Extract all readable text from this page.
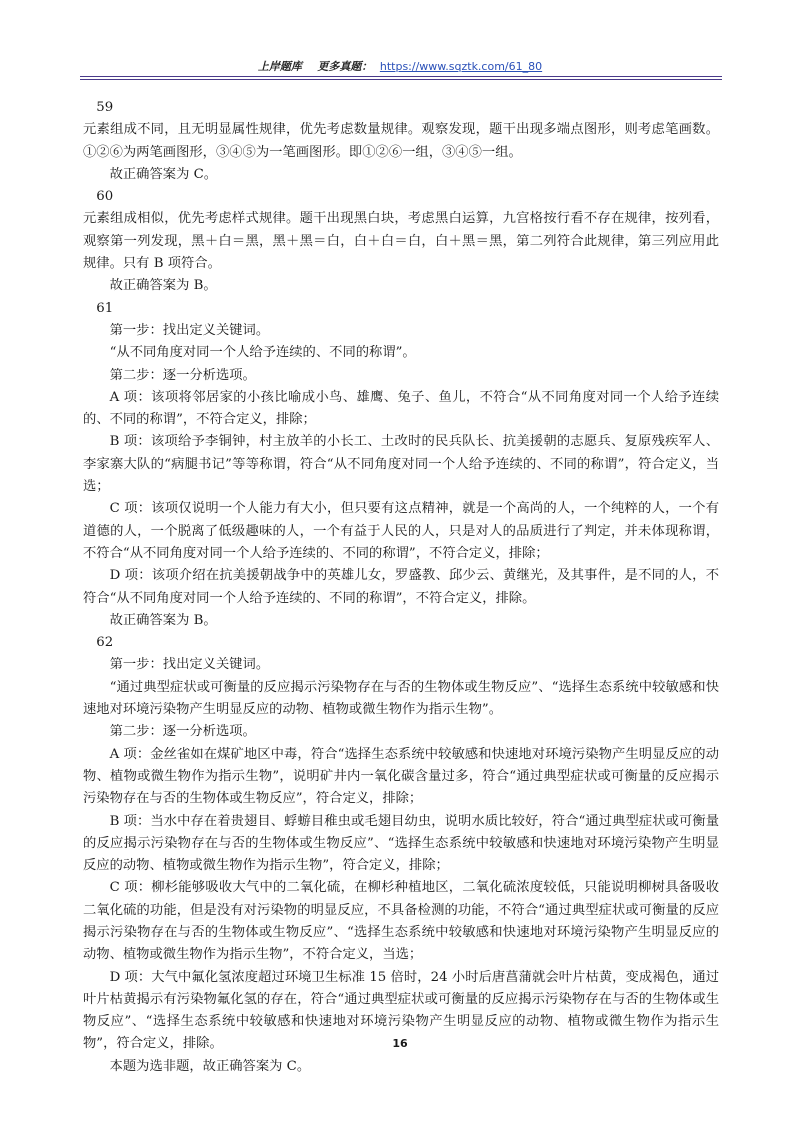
上岸题库 更多真题： https://www.sqztk.com/61_80

59

元素组成不同，且无明显属性规律，优先考虑数量规律。观察发现，题干出现多端点图形，则考虑笔画数。①②⑥为两笔画图形，③④⑤为一笔画图形。即①②⑥一组，③④⑤一组。

故正确答案为 C。

60

元素组成相似，优先考虑样式规律。题干出现黑白块，考虑黑白运算，九宫格按行看不存在规律，按列看，观察第一列发现，黑＋白＝黑，黑＋黑＝白，白＋白＝白，白＋黑＝黑，第二列符合此规律，第三列应用此规律。只有 B 项符合。

故正确答案为 B。

61

第一步：找出定义关键词。

“从不同角度对同一个人给予连续的、不同的称谓”。

第二步：逐一分析选项。

A 项：该项将邻居家的小孩比喻成小鸟、雄鹰、兔子、鱼儿，不符合“从不同角度对同一个人给予连续的、不同的称谓”，不符合定义，排除；

B 项：该项给予李铜钟，村主放羊的小长工、土改时的民兵队长、抗美援朝的志愿兵、复原残疾军人、李家寨大队的“病腿书记”等等称谓，符合“从不同角度对同一个人给予连续的、不同的称谓”，符合定义，当选；

C 项：该项仅说明一个人能力有大小，但只要有这点精神，就是一个高尚的人，一个纯粹的人，一个有道德的人，一个脱离了低级趣味的人，一个有益于人民的人，只是对人的品质进行了判定，并未体现称谓，不符合“从不同角度对同一个人给予连续的、不同的称谓”，不符合定义，排除；

D 项：该项介绍在抗美援朝战争中的英雄儿女，罗盛教、邱少云、黄继光，及其事件，是不同的人，不符合“从不同角度对同一个人给予连续的、不同的称谓”，不符合定义，排除。

故正确答案为 B。

62

第一步：找出定义关键词。

“通过典型症状或可衡量的反应揭示污染物存在与否的生物体或生物反应”、“选择生态系统中较敏感和快速地对环境污染物产生明显反应的动物、植物或微生物作为指示生物”。

第二步：逐一分析选项。

A 项：金丝雀如在煤矿地区中毒，符合“选择生态系统中较敏感和快速地对环境污染物产生明显反应的动物、植物或微生物作为指示生物”，说明矿井内一氧化碳含量过多，符合“通过典型症状或可衡量的反应揭示污染物存在与否的生物体或生物反应”，符合定义，排除；

B 项：当水中存在着贵翅目、蜉蝣目稚虫或毛翅目幼虫，说明水质比较好，符合“通过典型症状或可衡量的反应揭示污染物存在与否的生物体或生物反应”、“选择生态系统中较敏感和快速地对环境污染物产生明显反应的动物、植物或微生物作为指示生物”，符合定义，排除；

C 项：柳杉能够吸收大气中的二氧化硫，在柳杉种植地区，二氧化硫浓度较低，只能说明柳树具备吸收二氧化硫的功能，但是没有对污染物的明显反应，不具备检测的功能，不符合“通过典型症状或可衡量的反应揭示污染物存在与否的生物体或生物反应”、“选择生态系统中较敏感和快速地对环境污染物产生明显反应的动物、植物或微生物作为指示生物”，不符合定义，当选；

D 项：大气中氟化氢浓度超过环境卫生标准 15 倍时，24 小时后唐菖蒲就会叶片枯黄，变成褐色，通过叶片枯黄揭示有污染物氟化氢的存在，符合“通过典型症状或可衡量的反应揭示污染物存在与否的生物体或生物反应”、“选择生态系统中较敏感和快速地对环境污染物产生明显反应的动物、植物或微生物作为指示生物”，符合定义，排除。

本题为选非题，故正确答案为 C。

16
